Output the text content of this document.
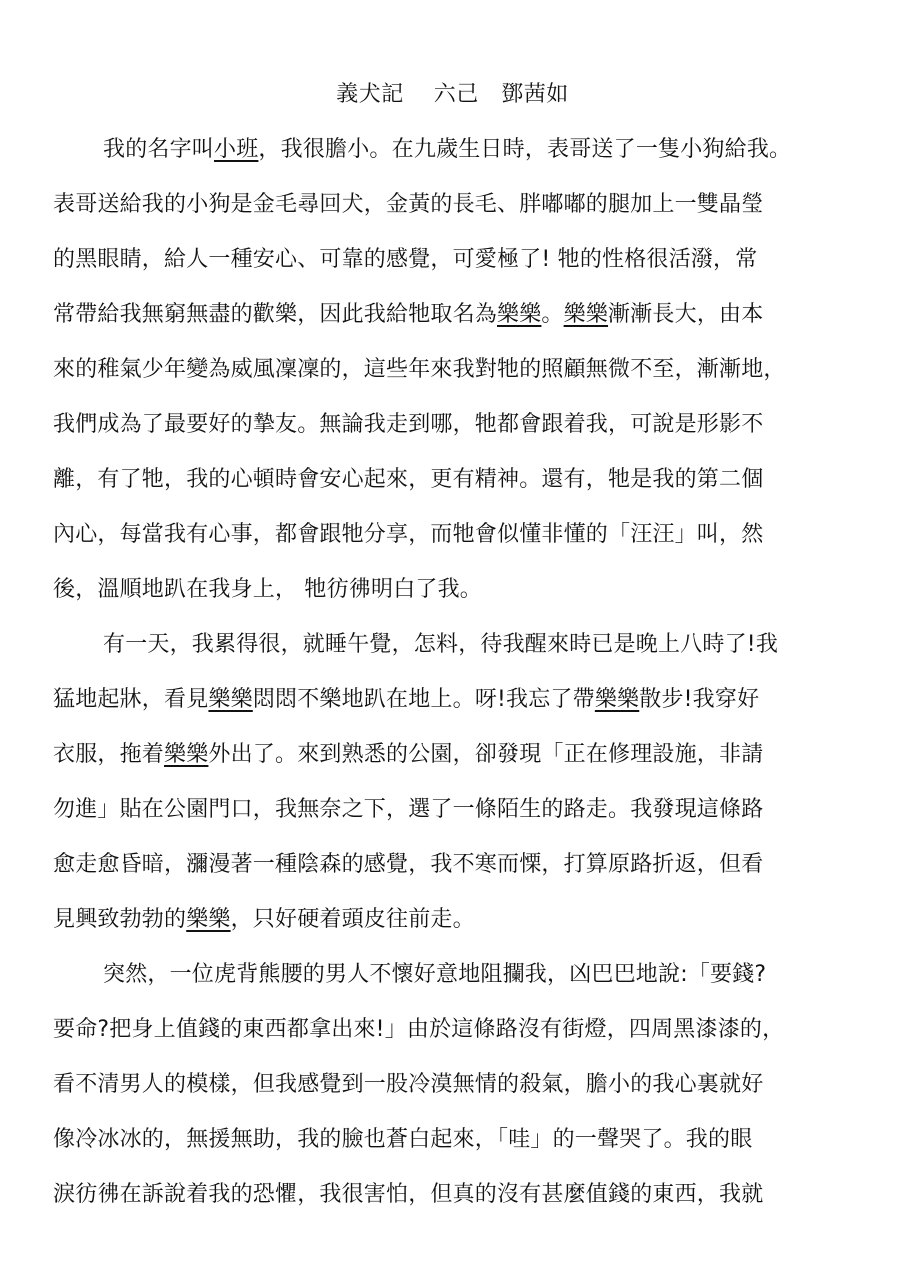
義犬記　 六己　鄧茜如
我的名字叫小班，我很膽小。在九歲生日時，表哥送了一隻小狗給我。
表哥送給我的小狗是金毛尋回犬，金黃的長毛、胖嘟嘟的腿加上一雙晶瑩
的黑眼睛，給人一種安心、可靠的感覺，可愛極了! 牠的性格很活潑，常
常帶給我無窮無盡的歡樂，因此我給牠取名為樂樂。樂樂漸漸長大，由本
來的稚氣少年變為威風凜凜的，這些年來我對牠的照顧無微不至，漸漸地，
我們成為了最要好的摯友。無論我走到哪，牠都會跟着我，可說是形影不
離，有了牠，我的心頓時會安心起來，更有精神。還有，牠是我的第二個
內心，每當我有心事，都會跟牠分享，而牠會似懂非懂的「汪汪」叫，然
後，溫順地趴在我身上， 牠彷彿明白了我。
有一天，我累得很，就睡午覺，怎料，待我醒來時已是晚上八時了!我
猛地起牀，看見樂樂悶悶不樂地趴在地上。呀!我忘了帶樂樂散步!我穿好
衣服，拖着樂樂外出了。來到熟悉的公園，卻發現「正在修理設施，非請
勿進」貼在公園門口，我無奈之下，選了一條陌生的路走。我發現這條路
愈走愈昏暗，瀰漫著一種陰森的感覺，我不寒而慄，打算原路折返，但看
見興致勃勃的樂樂，只好硬着頭皮往前走。
突然，一位虎背熊腰的男人不懷好意地阻攔我，凶巴巴地說:「要錢?
要命?把身上值錢的東西都拿出來!」由於這條路沒有街燈，四周黑漆漆的，
看不清男人的模樣，但我感覺到一股冷漠無情的殺氣，膽小的我心裏就好
像冷冰冰的，無援無助，我的臉也蒼白起來，「哇」的一聲哭了。我的眼
淚彷彿在訴說着我的恐懼，我很害怕，但真的沒有甚麼值錢的東西，我就
